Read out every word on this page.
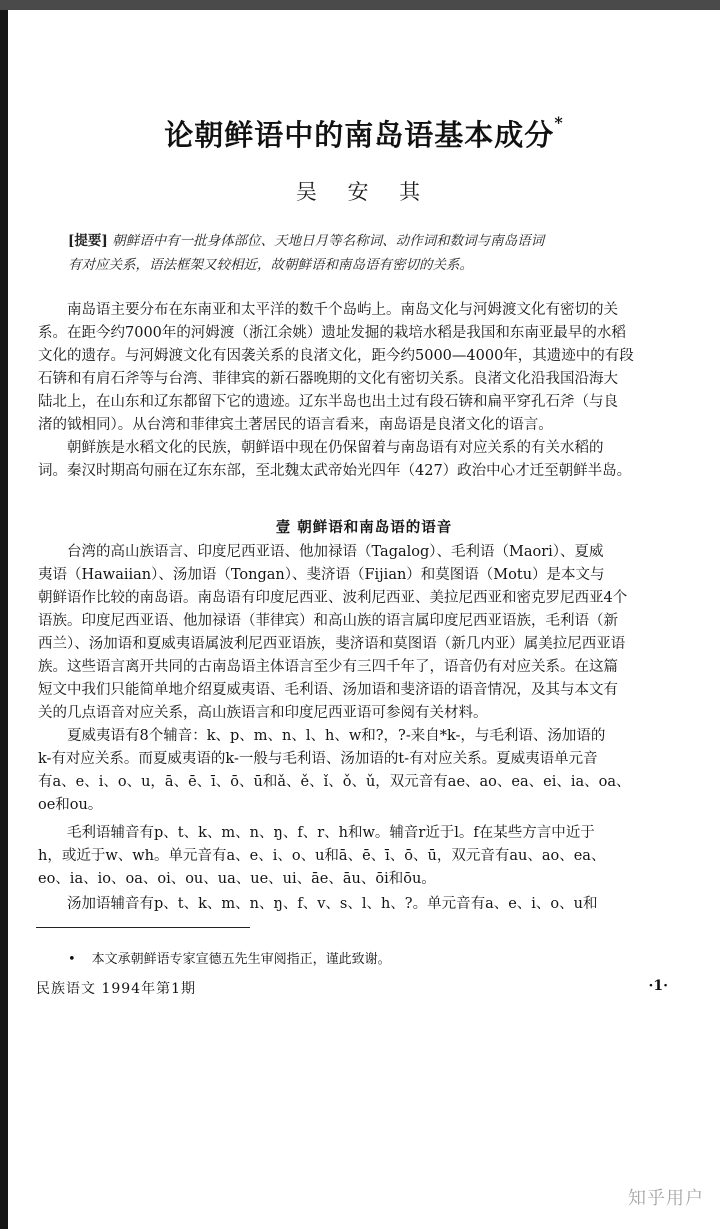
论朝鲜语中的南岛语基本成分*
吴 安 其
[提要] 朝鲜语中有一批身体部位、天地日月等名称词、动作词和数词与南岛语词
有对应关系，语法框架又较相近，故朝鲜语和南岛语有密切的关系。
南岛语主要分布在东南亚和太平洋的数千个岛屿上。南岛文化与河姆渡文化有密切的关
系。在距今约7000年的河姆渡（浙江余姚）遗址发掘的栽培水稻是我国和东南亚最早的水稻
文化的遗存。与河姆渡文化有因袭关系的良渚文化，距今约5000—4000年，其遗迹中的有段
石锛和有肩石斧等与台湾、菲律宾的新石器晚期的文化有密切关系。良渚文化沿我国沿海大
陆北上，在山东和辽东都留下它的遗迹。辽东半岛也出土过有段石锛和扁平穿孔石斧（与良
渚的钺相同）。从台湾和菲律宾土著居民的语言看来，南岛语是良渚文化的语言。
朝鲜族是水稻文化的民族，朝鲜语中现在仍保留着与南岛语有对应关系的有关水稻的
词。秦汉时期高句丽在辽东东部，至北魏太武帝始光四年（427）政治中心才迁至朝鲜半岛。
壹 朝鲜语和南岛语的语音
台湾的高山族语言、印度尼西亚语、他加禄语（Tagalog）、毛利语（Maori）、夏威
夷语（Hawaiian）、汤加语（Tongan）、斐济语（Fijian）和莫图语（Motu）是本文与
朝鲜语作比较的南岛语。南岛语有印度尼西亚、波利尼西亚、美拉尼西亚和密克罗尼西亚4个
语族。印度尼西亚语、他加禄语（菲律宾）和高山族的语言属印度尼西亚语族，毛利语（新
西兰）、汤加语和夏威夷语属波利尼西亚语族，斐济语和莫图语（新几内亚）属美拉尼西亚语
族。这些语言离开共同的古南岛语主体语言至少有三四千年了，语音仍有对应关系。在这篇
短文中我们只能简单地介绍夏威夷语、毛利语、汤加语和斐济语的语音情况，及其与本文有
关的几点语音对应关系，高山族语言和印度尼西亚语可参阅有关材料。
夏威夷语有8个辅音：k、p、m、n、l、h、w和?，?-来自*k-，与毛利语、汤加语的
k-有对应关系。而夏威夷语的k-一般与毛利语、汤加语的t-有对应关系。夏威夷语单元音
有a、e、i、o、u，ā、ē、ī、ō、ū和ǎ、ě、ǐ、ǒ、ǔ，双元音有ae、ao、ea、ei、ia、oa、
oe和ou。
毛利语辅音有p、t、k、m、n、ŋ、f、r、h和w。辅音r近于l。f在某些方言中近于
h，或近于w、wh。单元音有a、e、i、o、u和ā、ē、ī、ō、ū，双元音有au、ao、ea、
eo、ia、io、oa、oi、ou、ua、ue、ui、āe、āu、ōi和ōu。
汤加语辅音有p、t、k、m、n、ŋ、f、v、s、l、h、?。单元音有a、e、i、o、u和
• 本文承朝鲜语专家宣德五先生审阅指正，谨此致谢。
民族语文 1994年第1期	·1·
知乎用户
